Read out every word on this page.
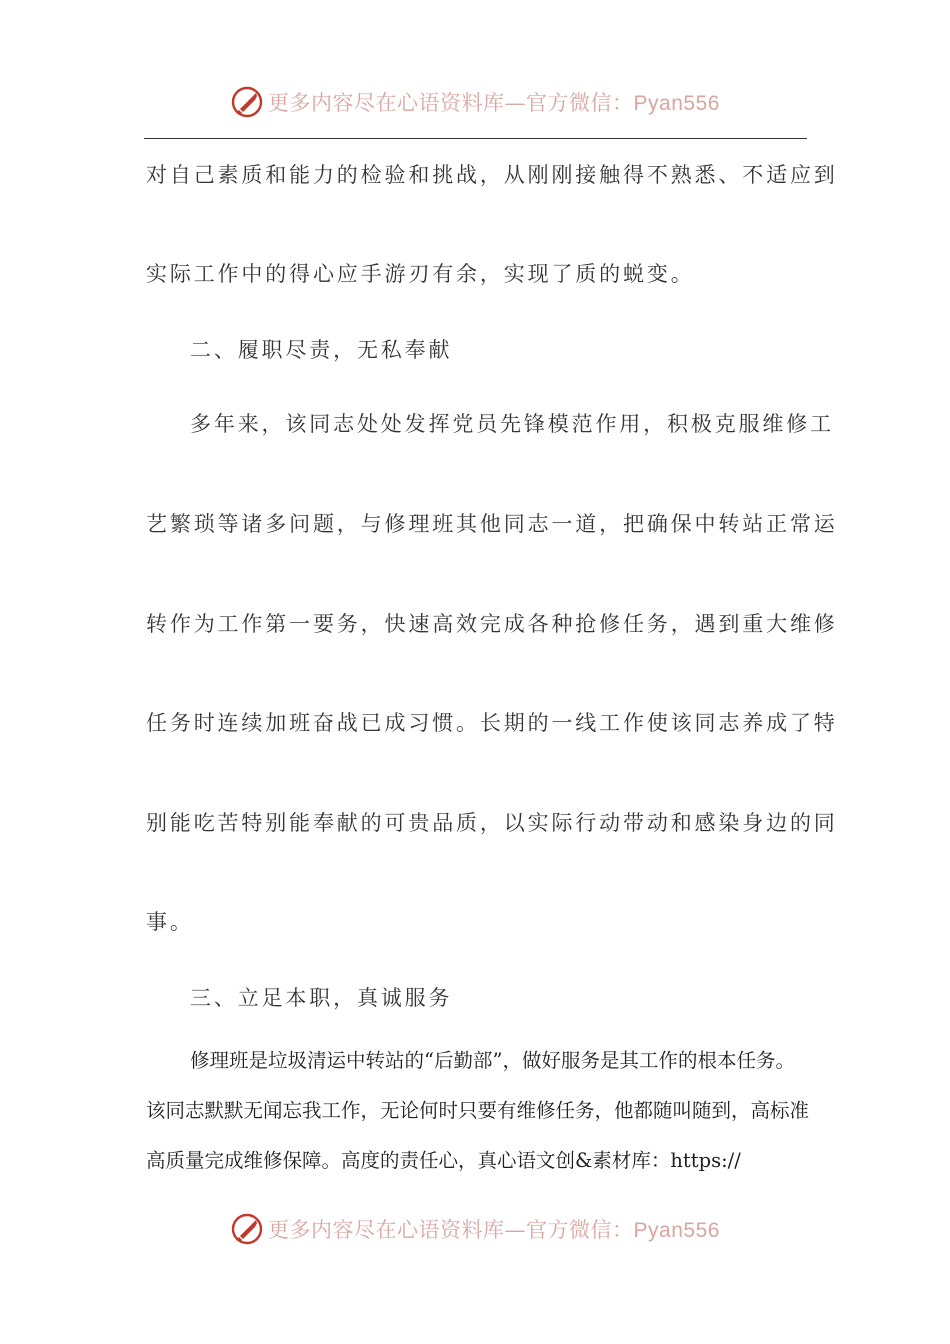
更多内容尽在心语资料库—官方微信：Pyan556
对自己素质和能力的检验和挑战，从刚刚接触得不熟悉、不适应到
实际工作中的得心应手游刃有余，实现了质的蜕变。
二、履职尽责，无私奉献
多年来，该同志处处发挥党员先锋模范作用，积极克服维修工
艺繁琐等诸多问题，与修理班其他同志一道，把确保中转站正常运
转作为工作第一要务，快速高效完成各种抢修任务，遇到重大维修
任务时连续加班奋战已成习惯。长期的一线工作使该同志养成了特
别能吃苦特别能奉献的可贵品质，以实际行动带动和感染身边的同
事。
三、立足本职，真诚服务
修理班是垃圾清运中转站的“后勤部”，做好服务是其工作的根本任务。
该同志默默无闻忘我工作，无论何时只要有维修任务，他都随叫随到，高标准
高质量完成维修保障。高度的责任心，真心语文创&素材库：https://
更多内容尽在心语资料库—官方微信：Pyan556
